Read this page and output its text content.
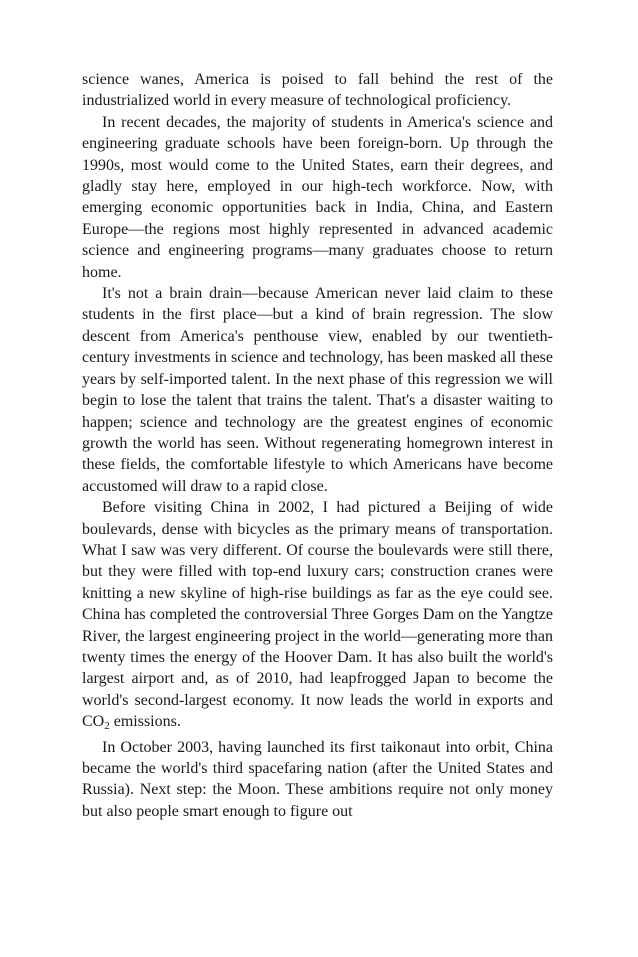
science wanes, America is poised to fall behind the rest of the industrialized world in every measure of technological proficiency.

In recent decades, the majority of students in America's science and engineering graduate schools have been foreign-born. Up through the 1990s, most would come to the United States, earn their degrees, and gladly stay here, employed in our high-tech workforce. Now, with emerging economic opportunities back in India, China, and Eastern Europe—the regions most highly represented in advanced academic science and engineering programs—many graduates choose to return home.

It's not a brain drain—because American never laid claim to these students in the first place—but a kind of brain regression. The slow descent from America's penthouse view, enabled by our twentieth-century investments in science and technology, has been masked all these years by self-imported talent. In the next phase of this regression we will begin to lose the talent that trains the talent. That's a disaster waiting to happen; science and technology are the greatest engines of economic growth the world has seen. Without regenerating homegrown interest in these fields, the comfortable lifestyle to which Americans have become accustomed will draw to a rapid close.

Before visiting China in 2002, I had pictured a Beijing of wide boulevards, dense with bicycles as the primary means of transportation. What I saw was very different. Of course the boulevards were still there, but they were filled with top-end luxury cars; construction cranes were knitting a new skyline of high-rise buildings as far as the eye could see. China has completed the controversial Three Gorges Dam on the Yangtze River, the largest engineering project in the world—generating more than twenty times the energy of the Hoover Dam. It has also built the world's largest airport and, as of 2010, had leapfrogged Japan to become the world's second-largest economy. It now leads the world in exports and $CO_2$ emissions.

In October 2003, having launched its first taikonaut into orbit, China became the world's third spacefaring nation (after the United States and Russia). Next step: the Moon. These ambitions require not only money but also people smart enough to figure out
